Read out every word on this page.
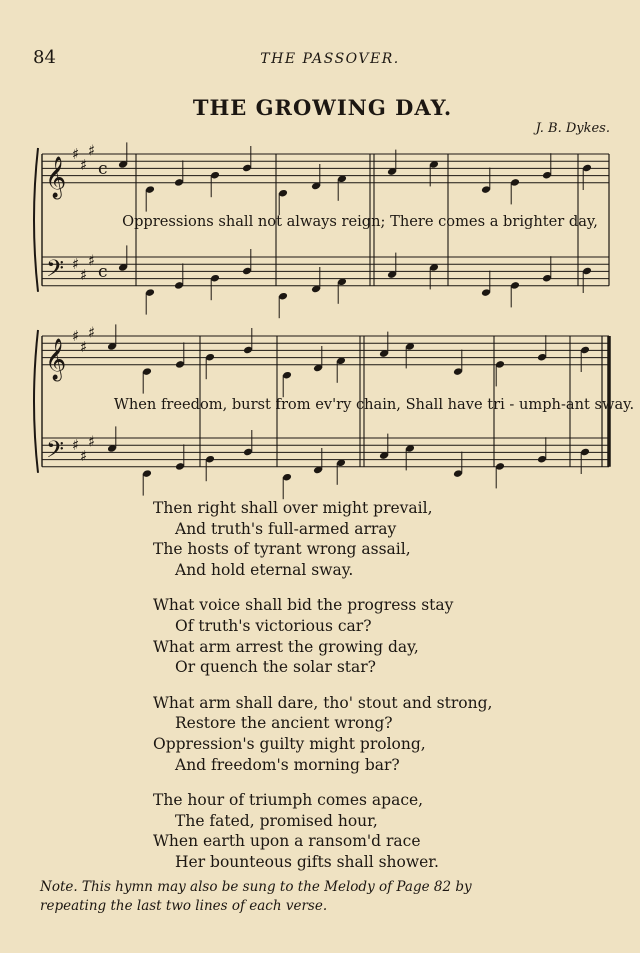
84	THE PASSOVER.
THE GROWING DAY.
J. B. Dykes.
𝄞
𝄢
♯
♯
♯
♯
♯
♯
c
c
𝄞
𝄢
♯
♯
♯
♯
♯
♯
Oppressions shall not always reign; There comes a brighter day,
When freedom, burst from ev'ry chain, Shall have tri - umph-ant sway.
Then right shall over might prevail,
And truth's full-armed array
The hosts of tyrant wrong assail,
And hold eternal sway.
What voice shall bid the progress stay
Of truth's victorious car?
What arm arrest the growing day,
Or quench the solar star?
What arm shall dare, tho' stout and strong,
Restore the ancient wrong?
Oppression's guilty might prolong,
And freedom's morning bar?
The hour of triumph comes apace,
The fated, promised hour,
When earth upon a ransom'd race
Her bounteous gifts shall shower.
Note. This hymn may also be sung to the Melody of Page 82 by
repeating the last two lines of each verse.
